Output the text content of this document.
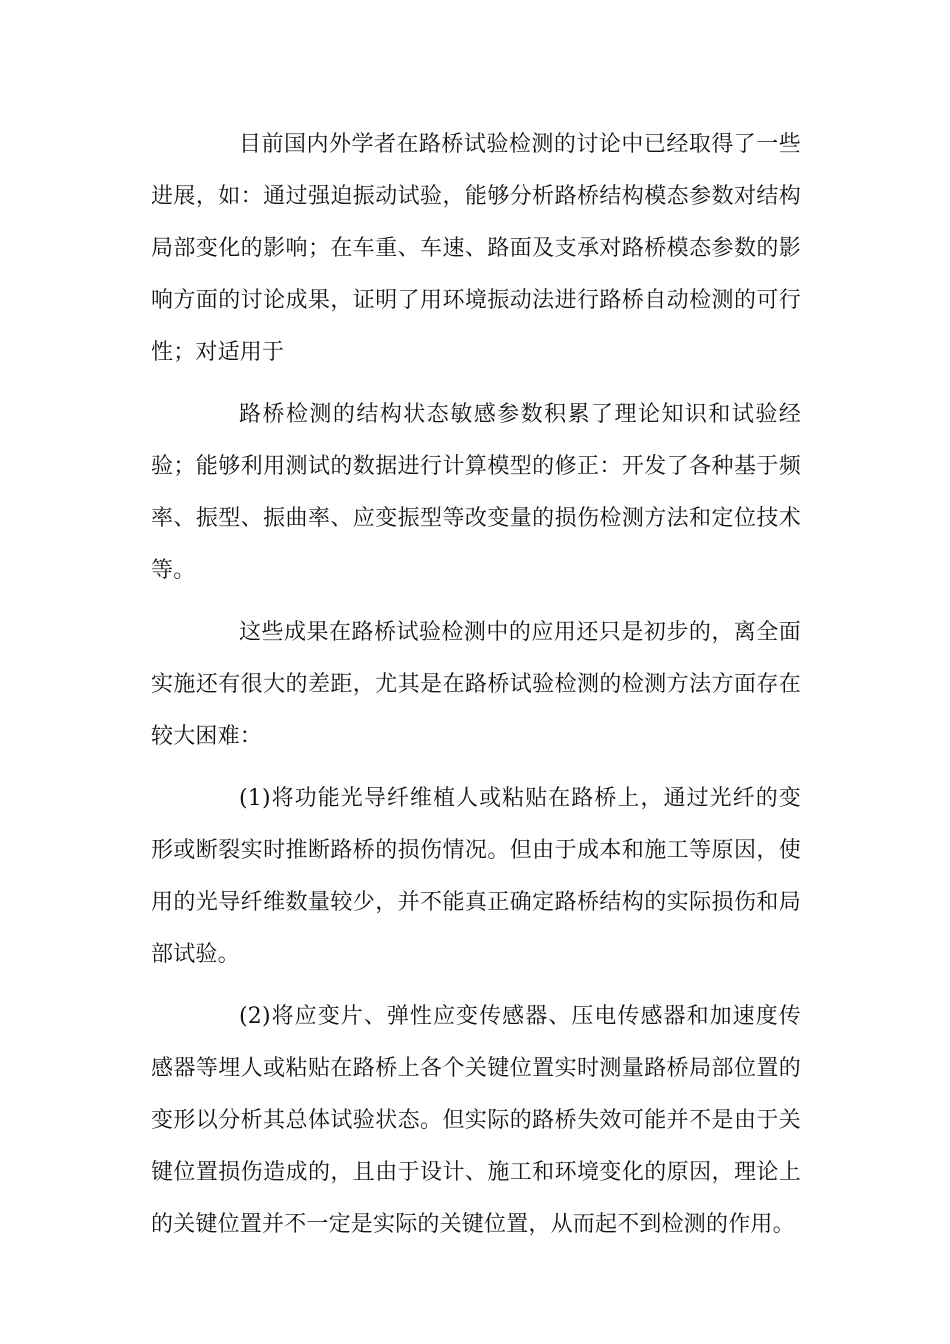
目前国内外学者在路桥试验检测的讨论中已经取得了一些进展，如：通过强迫振动试验，能够分析路桥结构模态参数对结构局部变化的影响；在车重、车速、路面及支承对路桥模态参数的影响方面的讨论成果，证明了用环境振动法进行路桥自动检测的可行性；对适用于

路桥检测的结构状态敏感参数积累了理论知识和试验经验；能够利用测试的数据进行计算模型的修正：开发了各种基于频率、振型、振曲率、应变振型等改变量的损伤检测方法和定位技术等。

这些成果在路桥试验检测中的应用还只是初步的，离全面实施还有很大的差距，尤其是在路桥试验检测的检测方法方面存在较大困难：

(1)将功能光导纤维植人或粘贴在路桥上，通过光纤的变形或断裂实时推断路桥的损伤情况。但由于成本和施工等原因，使用的光导纤维数量较少，并不能真正确定路桥结构的实际损伤和局部试验。

(2)将应变片、弹性应变传感器、压电传感器和加速度传感器等埋人或粘贴在路桥上各个关键位置实时测量路桥局部位置的变形以分析其总体试验状态。但实际的路桥失效可能并不是由于关键位置损伤造成的，且由于设计、施工和环境变化的原因，理论上的关键位置并不一定是实际的关键位置，从而起不到检测的作用。
